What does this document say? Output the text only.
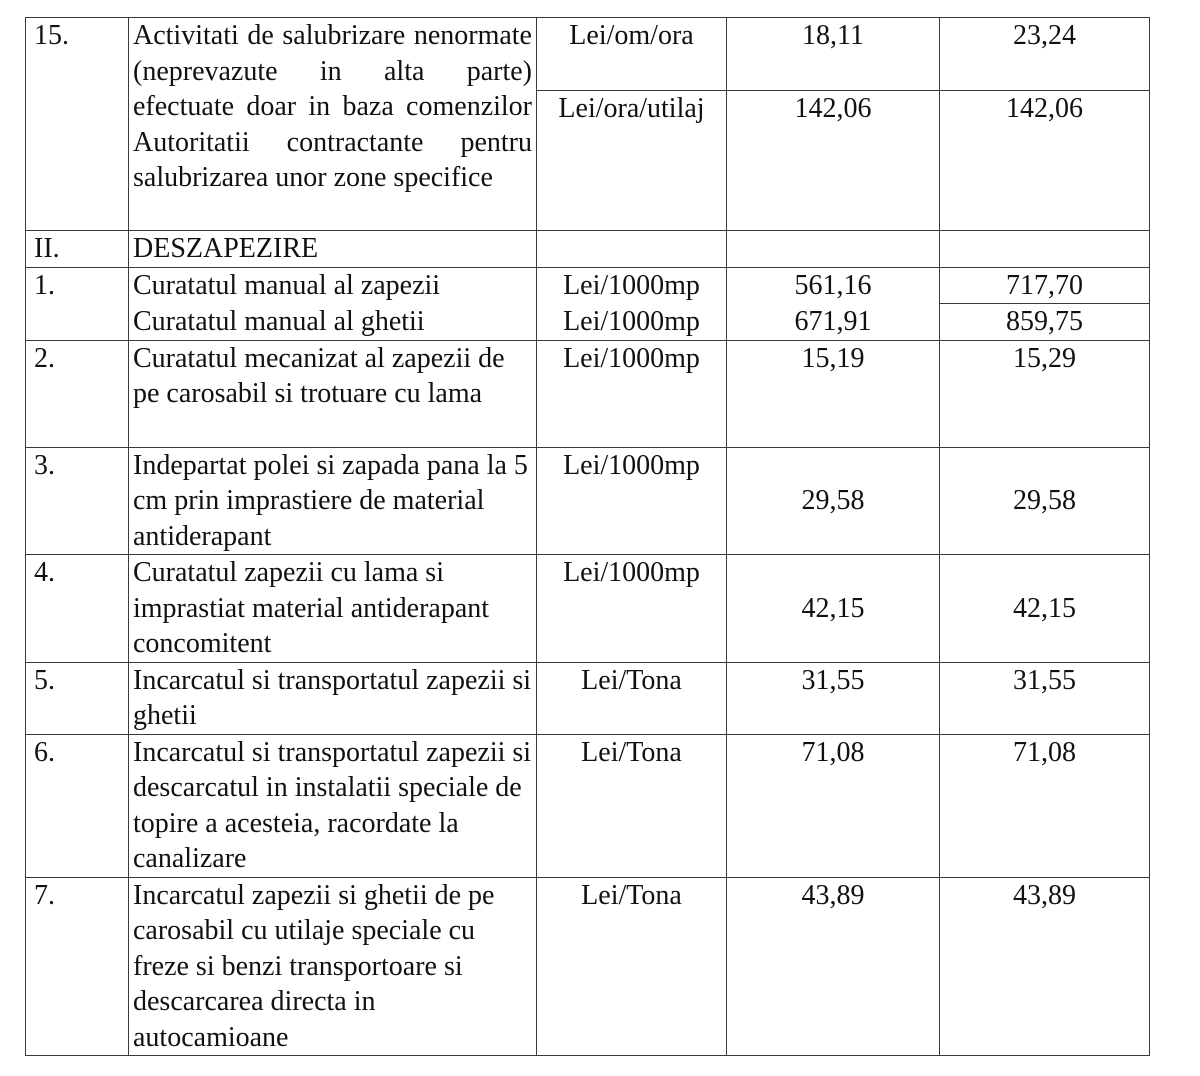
15.	Activitati de salubrizare nenormate (neprevazute in alta parte) efectuate doar in baza comenzilor Autoritatii contractante pentru salubrizarea unor zone specifice	Lei/om/ora	18,11	23,24
		Lei/ora/utilaj	142,06	142,06
II.	DESZAPEZIRE			
1.	Curatatul manual al zapezii	Lei/1000mp	561,16	717,70
	Curatatul manual al ghetii	Lei/1000mp	671,91	859,75
2.	Curatatul mecanizat al zapezii de pe carosabil si trotuare cu lama	Lei/1000mp	15,19	15,29
3.	Indepartat polei si zapada pana la 5 cm prin imprastiere de material antiderapant	Lei/1000mp	29,58	29,58
4.	Curatatul zapezii cu lama si imprastiat material antiderapant concomitent	Lei/1000mp	42,15	42,15
5.	Incarcatul si transportatul zapezii si ghetii	Lei/Tona	31,55	31,55
6.	Incarcatul si transportatul zapezii si descarcatul in instalatii speciale de topire a acesteia, racordate la canalizare	Lei/Tona	71,08	71,08
7.	Incarcatul zapezii si ghetii de pe carosabil cu utilaje speciale cu freze si benzi transportoare si descarcarea directa in autocamioane	Lei/Tona	43,89	43,89
